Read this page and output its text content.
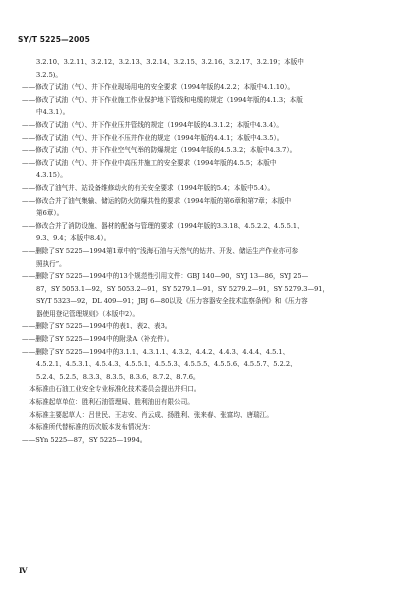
SY/T 5225—2005
3.2.10、3.2.11、3.2.12、3.2.13、3.2.14、3.2.15、3.2.16、3.2.17、3.2.19；本版中
3.2.5)。
——修改了试油（气）、井下作业现场用电的安全要求（1994年版的4.2.2；本版中4.1.10）。
——修改了试油（气）、井下作业施工作业保护地下管线和电缆的规定（1994年版的4.1.3；本版
中4.3.1）。
——修改了试油（气）、井下作业压井管线的规定（1994年版的4.3.1.2；本版中4.3.4）。
——修改了试油（气）、井下作业不压井作业的规定（1994年版的4.4.1；本版中4.3.5）。
——修改了试油（气）、井下作业空气气举的防爆规定（1994年版的4.5.3.2；本版中4.3.7）。
——修改了试油（气）、井下作业中高压井施工的安全要求（1994年版的4.5.5；本版中
4.3.15）。
——修改了油气井、站设备维修动火的有关安全要求（1994年版的5.4；本版中5.4）。
——修改合并了油气集输、储运的防火防爆共性的要求（1994年版的第6章和第7章；本版中
第6章）。
——修改合并了消防设施、器材的配备与管理的要求（1994年版的3.3.18、4.5.2.2、4.5.5.1、
9.3、9.4；本版中8.4）。
——删除了SY 5225—1994第1章中的“浅海石油与天然气的钻井、开发、储运生产作业亦可参
照执行”。
——删除了SY 5225—1994中的13个规范性引用文件：GBJ 140—90，SYJ 13—86，SYJ 25—
87，SY 5053.1—92，SY 5053.2—91，SY 5279.1—91，SY 5279.2—91，SY 5279.3—91，
SY/T 5323—92，DL 409—91；JBJ 6—80以及《压力容器安全技术监察条例》和《压力容
器使用登记管理规则》（本版中2）。
——删除了SY 5225—1994中的表1、表2、表3。
——删除了SY 5225—1994中的附录A（补充件）。
——删除了SY 5225—1994中的3.1.1、4.3.1.1、4.3.2、4.4.2、4.4.3、4.4.4、4.5.1、
4.5.2.1、4.5.3.1、4.5.4.3、4.5.5.1、4.5.5.3、4.5.5.5、4.5.5.6、4.5.5.7、5.2.2、
5.2.4、5.2.5、8.3.3、8.3.5、8.3.6、8.7.2、8.7.6。
本标准由石油工业安全专业标准化技术委员会提出并归口。
本标准起草单位：胜利石油管理局、胜利油田有限公司。
本标准主要起草人：吕世民、王志安、肖云成、扬胜利、张来春、张富均、唐瑞江。
本标准所代替标准的历次版本发布情况为：
——SYn 5225—87，SY 5225—1994。
Ⅳ
